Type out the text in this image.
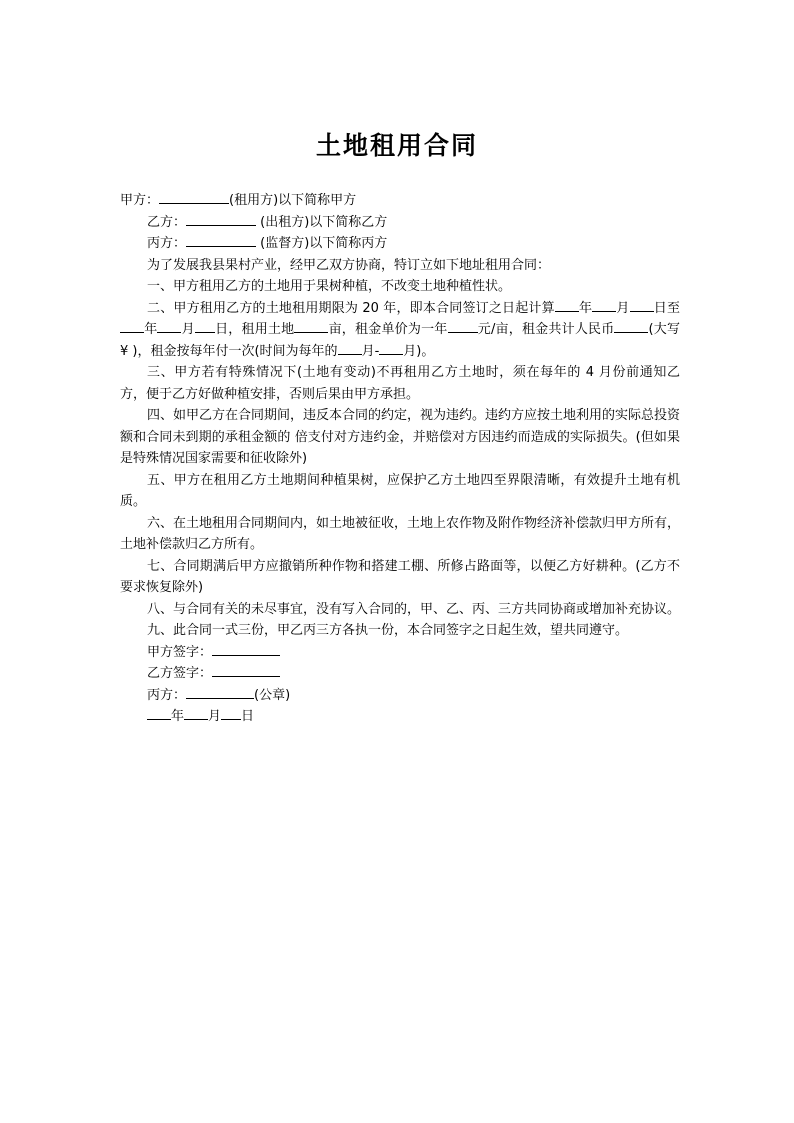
土地租用合同
甲方：	(租用方)以下简称甲方
乙方：	(出租方)以下简称乙方
丙方：	(监督方)以下简称丙方
为了发展我县果村产业，经甲乙双方协商，特订立如下地址租用合同：
一、甲方租用乙方的土地用于果树种植，不改变土地种植性状。
二、甲方租用乙方的土地租用期限为 20 年，即本合同签订之日起计算 年 月 日至年 月 日，租用土地	亩，租金单价为一年 元/亩，租金共计人民币	(大写¥ )，租金按每年付一次(时间为每年的 月- 月)。
三、甲方若有特殊情况下(土地有变动)不再租用乙方土地时，须在每年的 4 月份前通知乙方，便于乙方好做种植安排，否则后果由甲方承担。
四、如甲乙方在合同期间，违反本合同的约定，视为违约。违约方应按土地利用的实际总投资额和合同未到期的承租金额的 倍支付对方违约金，并赔偿对方因违约而造成的实际损失。(但如果是特殊情况国家需要和征收除外)
五、甲方在租用乙方土地期间种植果树，应保护乙方土地四至界限清晰，有效提升土地有机质。
六、在土地租用合同期间内，如土地被征收，土地上农作物及附作物经济补偿款归甲方所有，土地补偿款归乙方所有。
七、合同期满后甲方应撤销所种作物和搭建工棚、所修占路面等，以便乙方好耕种。(乙方不要求恢复除外)
八、与合同有关的未尽事宜，没有写入合同的，甲、乙、丙、三方共同协商或增加补充协议。
九、此合同一式三份，甲乙丙三方各执一份，本合同签字之日起生效，望共同遵守。
甲方签字：
乙方签字：
丙方：	(公章)
年 月 日
